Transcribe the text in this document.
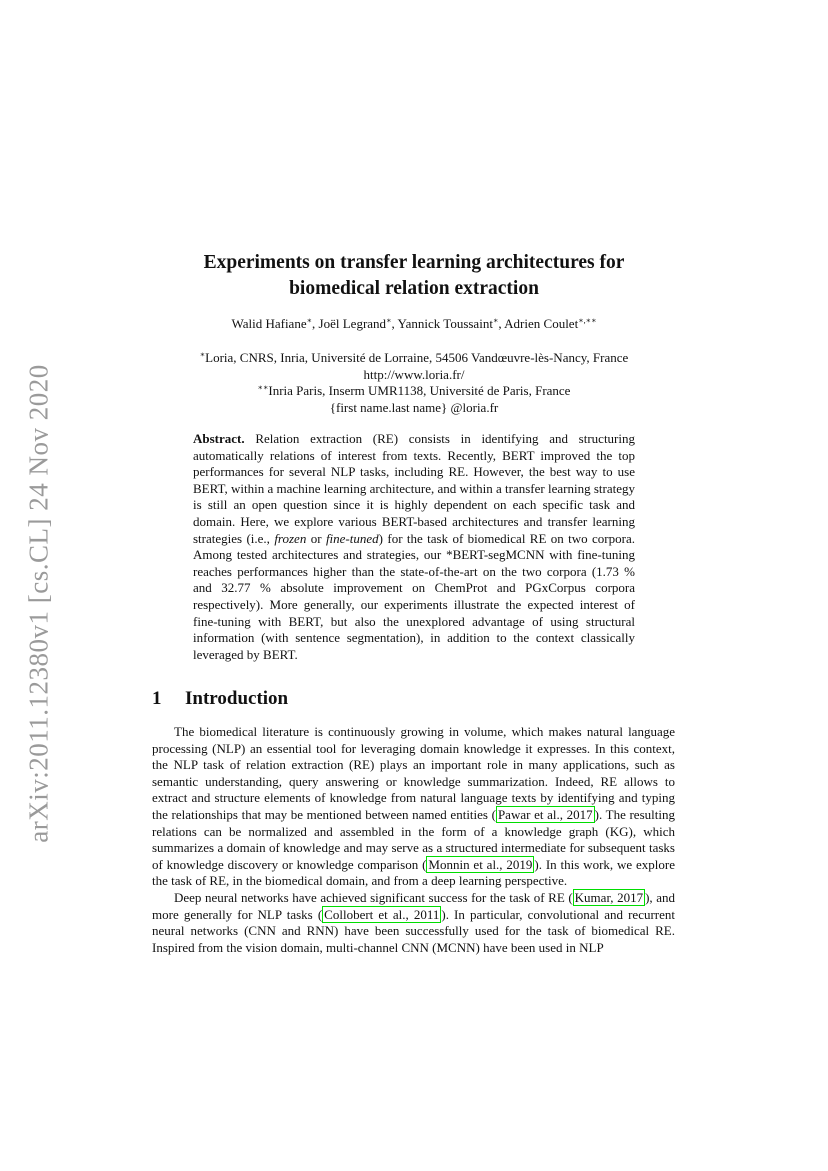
arXiv:2011.12380v1 [cs.CL] 24 Nov 2020
Experiments on transfer learning architectures for
biomedical relation extraction
Walid Hafiane∗, Joël Legrand∗, Yannick Toussaint∗, Adrien Coulet∗,∗∗
∗Loria, CNRS, Inria, Université de Lorraine, 54506 Vandœuvre-lès-Nancy, France
http://www.loria.fr/
∗∗Inria Paris, Inserm UMR1138, Université de Paris, France
{first name.last name} @loria.fr

Abstract. Relation extraction (RE) consists in identifying and structuring automatically relations of interest from texts. Recently, BERT improved the top performances for several NLP tasks, including RE. However, the best way to use BERT, within a machine learning architecture, and within a transfer learning strategy is still an open question since it is highly dependent on each specific task and domain. Here, we explore various BERT-based architectures and transfer learning strategies (i.e., frozen or fine-tuned) for the task of biomedical RE on two corpora. Among tested architectures and strategies, our *BERT-segMCNN with fine-tuning reaches performances higher than the state-of-the-art on the two corpora (1.73 % and 32.77 % absolute improvement on ChemProt and PGxCorpus corpora respectively). More generally, our experiments illustrate the expected interest of fine-tuning with BERT, but also the unexplored advantage of using structural information (with sentence segmentation), in addition to the context classically leveraged by BERT.

1 Introduction

The biomedical literature is continuously growing in volume, which makes natural language processing (NLP) an essential tool for leveraging domain knowledge it expresses. In this context, the NLP task of relation extraction (RE) plays an important role in many applications, such as semantic understanding, query answering or knowledge summarization. Indeed, RE allows to extract and structure elements of knowledge from natural language texts by identifying and typing the relationships that may be mentioned between named entities ( Pawar et al., 2017 ). The resulting relations can be normalized and assembled in the form of a knowledge graph (KG), which summarizes a domain of knowledge and may serve as a structured intermediate for subsequent tasks of knowledge discovery or knowledge comparison ( Monnin et al., 2019 ). In this work, we explore the task of RE, in the biomedical domain, and from a deep learning perspective.

Deep neural networks have achieved significant success for the task of RE ( Kumar, 2017 ), and more generally for NLP tasks ( Collobert et al., 2011 ). In particular, convolutional and recurrent neural networks (CNN and RNN) have been successfully used for the task of biomedical RE. Inspired from the vision domain, multi-channel CNN (MCNN) have been used in NLP
